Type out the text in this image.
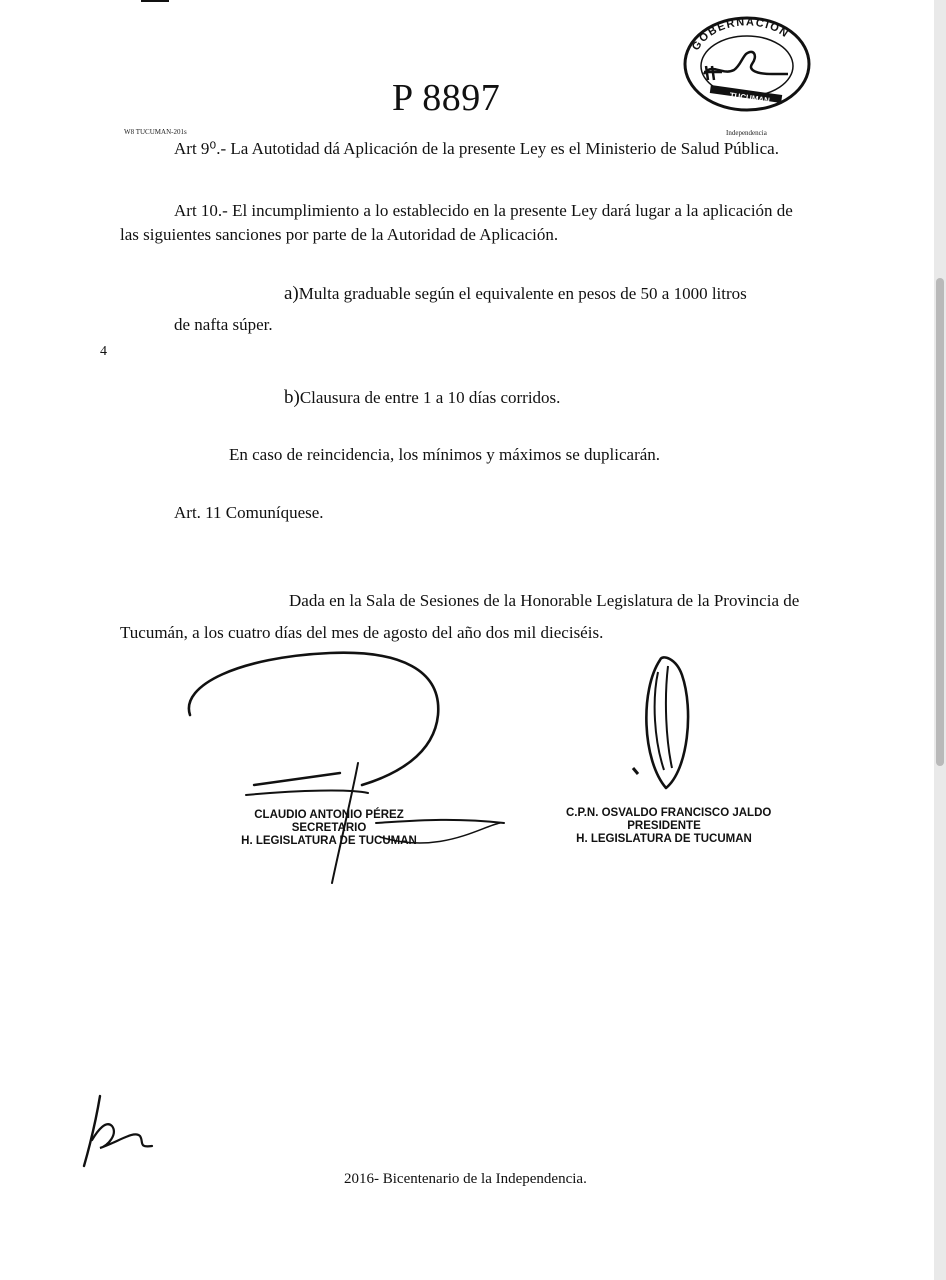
GOBERNACION
TUCUMAN
P 8897
W8 TUCUMAN-201s	Independencia
Art 9⁰.- La Autotidad dá Aplicación de la presente Ley es el Ministerio de Salud Pública.
Art 10.- El incumplimiento a lo establecido en la presente Ley dará lugar a la aplicación de
las siguientes sanciones por parte de la Autoridad de Aplicación.
a)Multa graduable según el equivalente en pesos de 50 a 1000 litros
de nafta súper.
4
b)Clausura de entre 1 a 10 días corridos.
En caso de reincidencia, los mínimos y máximos se duplicarán.
Art. 11 Comuníquese.
Dada en la Sala de Sesiones de la Honorable Legislatura de la Provincia de
Tucumán, a los cuatro días del mes de agosto del año dos mil dieciséis.
CLAUDIO ANTONIO PÉREZ
SECRETARIO
H. LEGISLATURA DE TUCUMAN
C.P.N. OSVALDO FRANCISCO JALDO
PRESIDENTE
H. LEGISLATURA DE TUCUMAN
2016- Bicentenario de la Independencia.
